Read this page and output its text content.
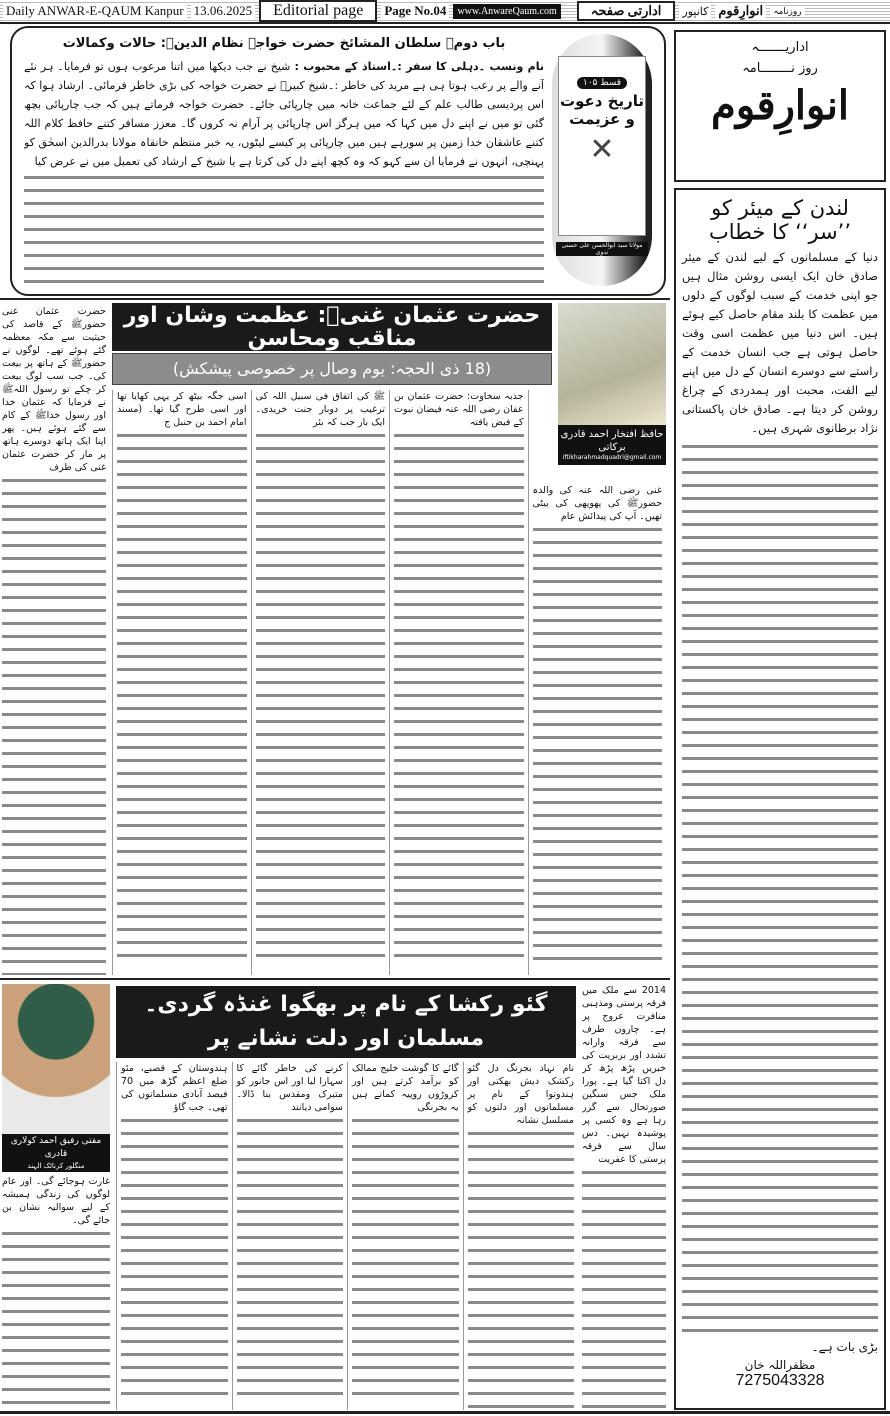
Daily ANWAR-E-QAUM Kanpur 13.06.2025	Editorial page	Page No.04	www.AnwareQaum.com	ادارتی صفحہ	کانپور انوارِقوم	روزنامہ
اداریـــــــہ
روز نــــــــامہ
انوارِقوم
لندن کے میئر کو ’’سر‘‘ کا خطاب
دنیا کے مسلمانوں کے لیے لندن کے میئر صادق خان ایک ایسی روشن مثال ہیں جو اپنی خدمت کے سبب لوگوں کے دلوں میں عظمت کا بلند مقام حاصل کیے ہوئے ہیں۔ اس دنیا میں عظمت اسی وقت حاصل ہوتی ہے جب انسان خدمت کے راستے سے دوسرے انسان کے دل میں اپنے لیے الفت، محبت اور ہمدردی کے چراغ روشن کر دیتا ہے۔ صادق خان پاکستانی نژاد برطانوی شہری ہیں۔
بڑی بات ہے۔
مظفراللہ خان
7275043328
باب دوم۔ سلطان المشائخ حضرت خواجہ نظام الدینؒ: حالات وکمالات
نام ونسب ۔دہلی کا سفر :۔استاذ کے محبوب : شیخ نے جب دیکھا میں اتنا مرعوب ہوں تو فرمایا۔ ہر نئے آنے والے پر رعب ہوتا ہی ہے مرید کی خاطر :۔شیخ کبیرؒ نے حضرت خواجہ کی بڑی خاطر فرمائی۔ ارشاد ہوا کہ اس پردیسی طالب علم کے لئے جماعت خانہ میں چارپائی جائے۔ حضرت خواجہ فرماتے ہیں کہ جب چارپائی بچھ گئی تو میں نے اپنے دل میں کہا کہ میں ہرگز اس چارپائی پر آرام نہ کروں گا۔ معزز مسافر کتنے حافظ کلام اللہ کتنے عاشقان خدا زمین پر سورہے ہیں میں چارپائی پر کیسے لیٹوں، یہ خبر منتظم خانقاہ مولانا بدرالدین اسحٰق کو پہنچی، انہوں نے فرمایا ان سے کہو کہ وہ کچھ اپنے دل کی کرتا ہے یا شیخ کے ارشاد کی تعمیل میں نے عرض کیا
قسط ۱۰۵
تاریخ دعوت و عزیمت
✕
مولانا سید ابوالحسن علی حسنی ندوی
حضرت عثمان غنی حضورﷺ کے قاصد کی حیثیت سے مکہ معظمہ گئے ہوئے تھے۔ لوگوں نے حضورﷺ کے ہاتھ پر بیعت کی۔ جب سب لوگ بیعت کر چکے تو رسول اللہﷺ نے فرمایا کہ عثمان خدا اور رسول خداﷺ کے کام سے گئے ہوئے ہیں۔ پھر اپنا ایک ہاتھ دوسرے ہاتھ پر مار کر حضرت عثمان غنی کی طرف
حضرت عثمان غنیؓ: عظمت وشان اور مناقب ومحاسن
(18 ذی الحجہ: یوم وصال پر خصوصی پیشکش)
حافظ افتخار احمد قادری برکاتی
iftikharahmadquadri@gmail.com
غنی رضی اللہ عنہ کی والدہ حضورﷺ کی پھوپھی کی بیٹی تھیں۔ آپ کی پیدائش عام
جذبہ سخاوت: حضرت عثمان بن عفان رضی اللہ عنہ فیضان نبوت کے فیض یافتہ
ﷺ کی اتفاق فی سبیل اللہ کی ترغیب پر دوبار جنت خریدی۔ ایک بار جب کہ بئر
اسی جگہ بیٹھ کر یہی کھایا تھا اور اسی طرح گیا تھا۔ (مسند امام احمد بن حنبل ج
مفتی رفیق احمد کولاری قادری
منگلور کرناٹک الہند
غارت ہوجائے گی۔ اور عام لوگوں کی زندگی ہمیشہ کے لیے سوالیہ نشان بن جائے گی۔
گئو رکشا کے نام پر بھگوا غنڈہ گردی۔ مسلمان اور دلت نشانے پر
2014 سے ملک میں فرقہ پرستی ومذہبی منافرت عروج پر ہے۔ چاروں طرف سے فرقہ وارانہ تشدد اور بربریت کی خبریں پڑھ پڑھ کر دل اکتا گیا ہے۔ پورا ملک جس سنگین صورتحال سے گزر رہا ہے وہ کسی پر پوشیدہ نہیں۔ دس سال سے فرقہ پرستی کا عفریت
نام نہاد بجرنگ دل گئو رکشک دیش بھکتی اور ہندوتوا کے نام پر مسلمانوں اور دلتوں کو مسلسل نشانہ
گائے کا گوشت خلیج ممالک کو برآمد کرتے ہیں اور کروڑوں روپیہ کماتے ہیں یہ بجرنگی
کرنے کی خاطر گائے کا سہارا لیا اور اس جانور کو متبرک ومقدس بنا ڈالا۔ سوامی دیانند
ہندوستان کے قصبے، مئو ضلع اعظم گڑھ میں 70 فیصد آبادی مسلمانوں کی تھی۔ جب گاؤ
